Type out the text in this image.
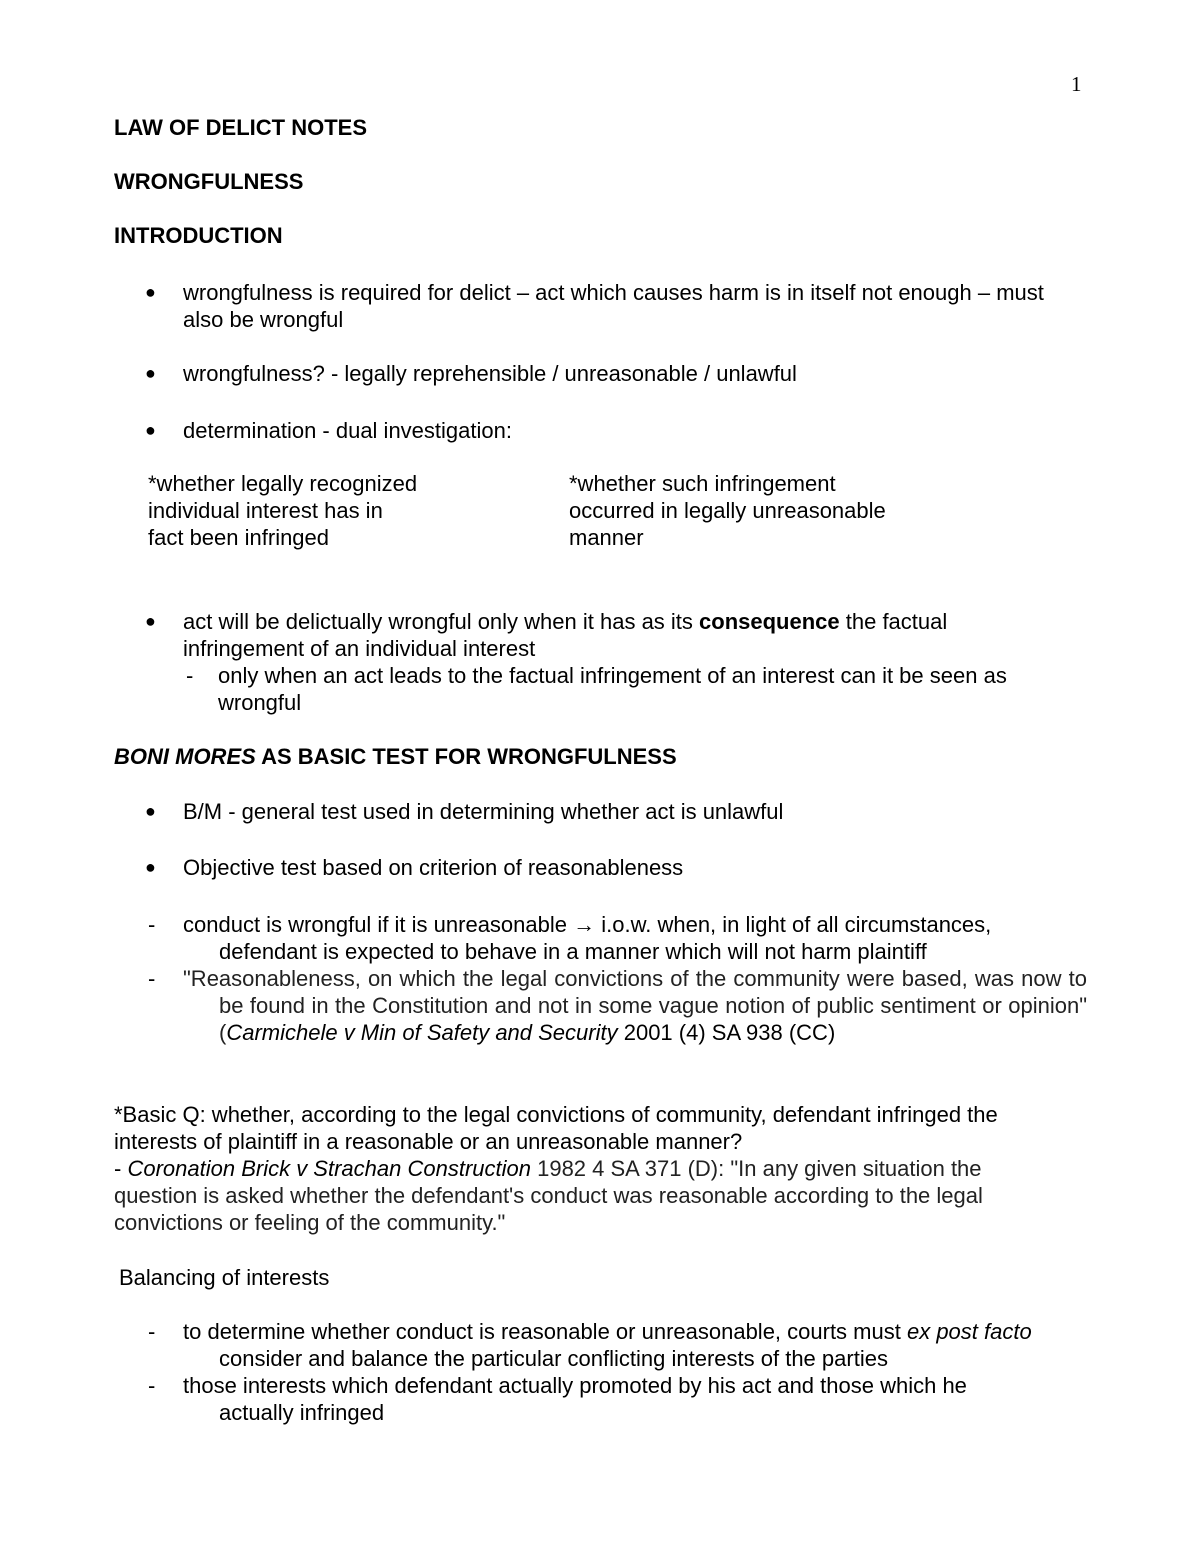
1
LAW OF DELICT NOTES
WRONGFULNESS
INTRODUCTION
● wrongfulness is required for delict – act which causes harm is in itself not enough – must also be wrongful
● wrongfulness? - legally reprehensible / unreasonable / unlawful
● determination - dual investigation:
*whether legally recognized
individual interest has in
fact been infringed
*whether such infringement
occurred in legally unreasonable
manner
● act will be delictually wrongful only when it has as its consequence the factual infringement of an individual interest
- only when an act leads to the factual infringement of an interest can it be seen as wrongful
BONI MORES AS BASIC TEST FOR WRONGFULNESS
● B/M - general test used in determining whether act is unlawful
● Objective test based on criterion of reasonableness
- conduct is wrongful if it is unreasonable → i.o.w. when, in light of all circumstances, defendant is expected to behave in a manner which will not harm plaintiff
- "Reasonableness, on which the legal convictions of the community were based, was now to be found in the Constitution and not in some vague notion of public sentiment or opinion" (Carmichele v Min of Safety and Security 2001 (4) SA 938 (CC)
*Basic Q: whether, according to the legal convictions of community, defendant infringed the interests of plaintiff in a reasonable or an unreasonable manner?
- Coronation Brick v Strachan Construction 1982 4 SA 371 (D): "In any given situation the question is asked whether the defendant's conduct was reasonable according to the legal convictions or feeling of the community."
Balancing of interests
- to determine whether conduct is reasonable or unreasonable, courts must ex post facto consider and balance the particular conflicting interests of the parties
- those interests which defendant actually promoted by his act and those which he actually infringed
